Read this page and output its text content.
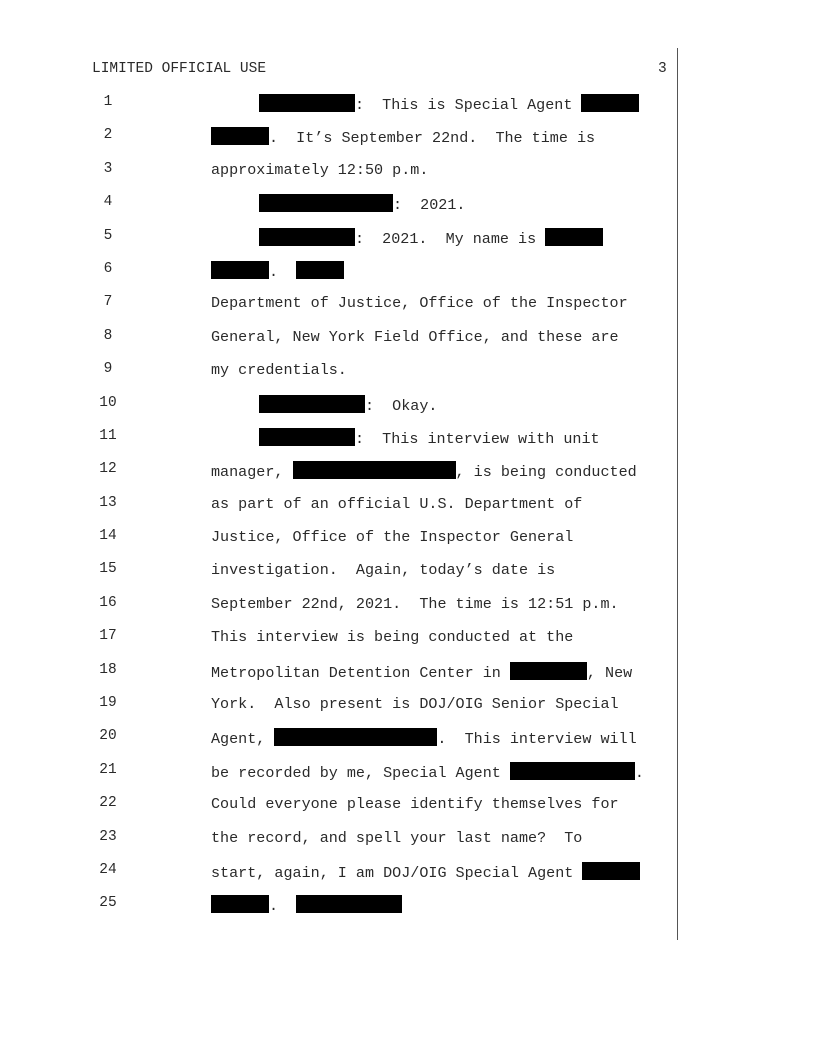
LIMITED OFFICIAL USE	3
1	:  This is Special Agent
2	.  It’s September 22nd.  The time is
3	approximately 12:50 p.m.
4	:  2021.
5	:  2021.  My name is
6	.
7	Department of Justice, Office of the Inspector
8	General, New York Field Office, and these are
9	my credentials.
10	:  Okay.
11	:  This interview with unit
12	manager,	, is being conducted
13	as part of an official U.S. Department of
14	Justice, Office of the Inspector General
15	investigation.  Again, today’s date is
16	September 22nd, 2021.  The time is 12:51 p.m.
17	This interview is being conducted at the
18	Metropolitan Detention Center in	, New
19	York.  Also present is DOJ/OIG Senior Special
20	Agent,	.  This interview will
21	be recorded by me, Special Agent	.
22	Could everyone please identify themselves for
23	the record, and spell your last name?  To
24	start, again, I am DOJ/OIG Special Agent
25	.
